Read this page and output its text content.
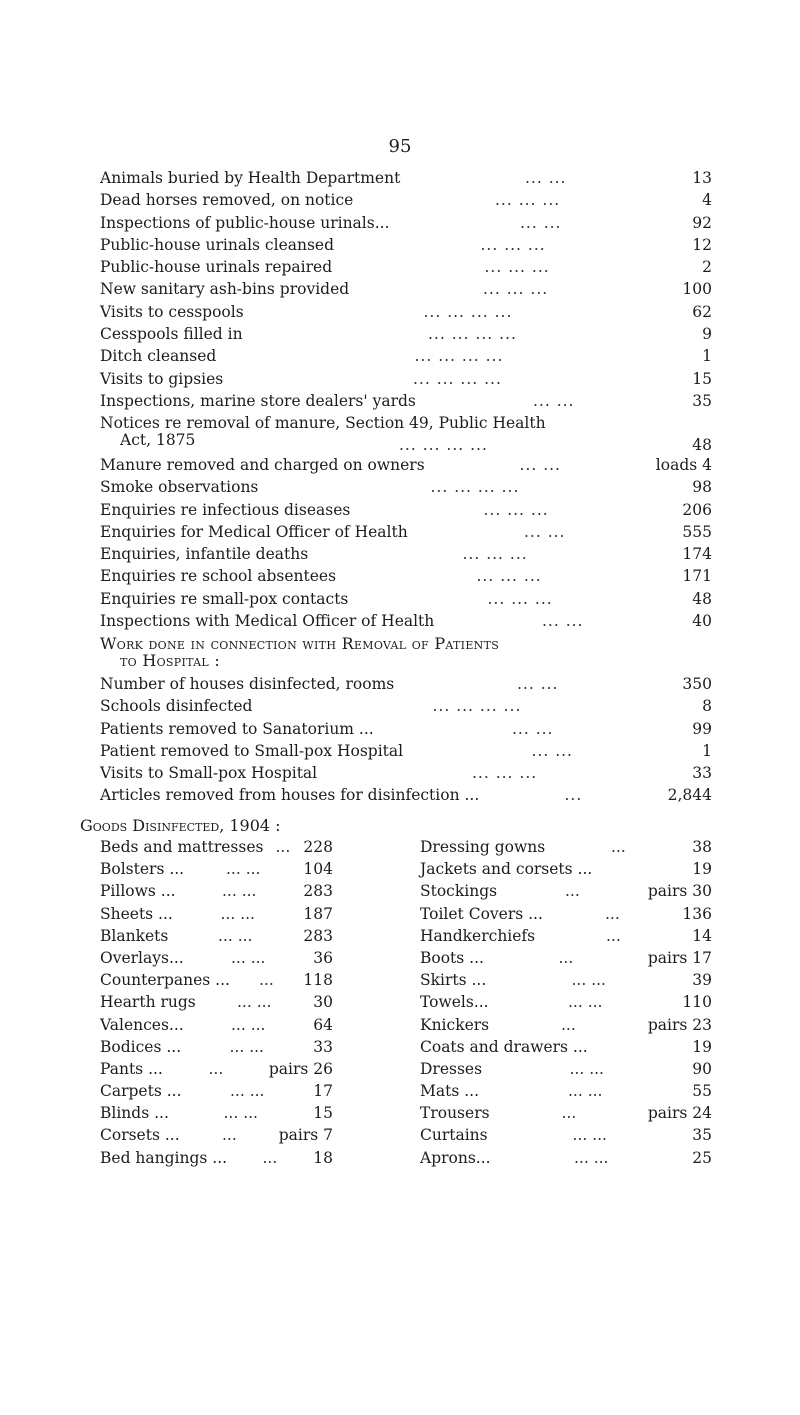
95
Animals buried by Health Department	... ...	13
Dead horses removed, on notice	... ... ...	4
Inspections of public-house urinals...	... ...	92
Public-house urinals cleansed	... ... ...	12
Public-house urinals repaired	... ... ...	2
New sanitary ash-bins provided	... ... ...	100
Visits to cesspools	... ... ... ...	62
Cesspools filled in	... ... ... ...	9
Ditch cleansed	... ... ... ...	1
Visits to gipsies	... ... ... ...	15
Inspections, marine store dealers' yards	... ...	35
Notices re removal of manure, Section 49, Public Health
Act, 1875	... ... ... ...	48
Manure removed and charged on owners	... ...	loads 4
Smoke observations	... ... ... ...	98
Enquiries re infectious diseases	... ... ...	206
Enquiries for Medical Officer of Health	... ...	555
Enquiries, infantile deaths	... ... ...	174
Enquiries re school absentees	... ... ...	171
Enquiries re small-pox contacts	... ... ...	48
Inspections with Medical Officer of Health	... ...	40
Work done in connection with Removal of Patients
to Hospital :
Number of houses disinfected, rooms	... ...	350
Schools disinfected	... ... ... ...	8
Patients removed to Sanatorium ...	... ...	99
Patient removed to Small-pox Hospital	... ...	1
Visits to Small-pox Hospital	... ... ...	33
Articles removed from houses for disinfection ...	...	2,844
Goods Disinfected, 1904 :
Beds and mattresses ... 228
Bolsters ...	... ...	104
Pillows ...	... ...	283
Sheets ...	... ...	187
Blankets	... ...	283
Overlays...	... ...	36
Counterpanes ... ... 118
Hearth rugs	... ...	30
Valences...	... ...	64
Bodices ...	... ...	33
Pants ...	...	pairs 26
Carpets ...	... ...	17
Blinds ...	... ...	15
Corsets ...	...	pairs 7
Bed hangings ... ... 18
Dressing gowns	...	38
Jackets and corsets ...	19
Stockings	...	pairs 30
Toilet Covers ...	...	136
Handkerchiefs	...	14
Boots ...	...	pairs 17
Skirts ...	... ...	39
Towels...	... ...	110
Knickers	...	pairs 23
Coats and drawers ...	19
Dresses	... ...	90
Mats ...	... ...	55
Trousers	...	pairs 24
Curtains	... ...	35
Aprons...	... ...	25
